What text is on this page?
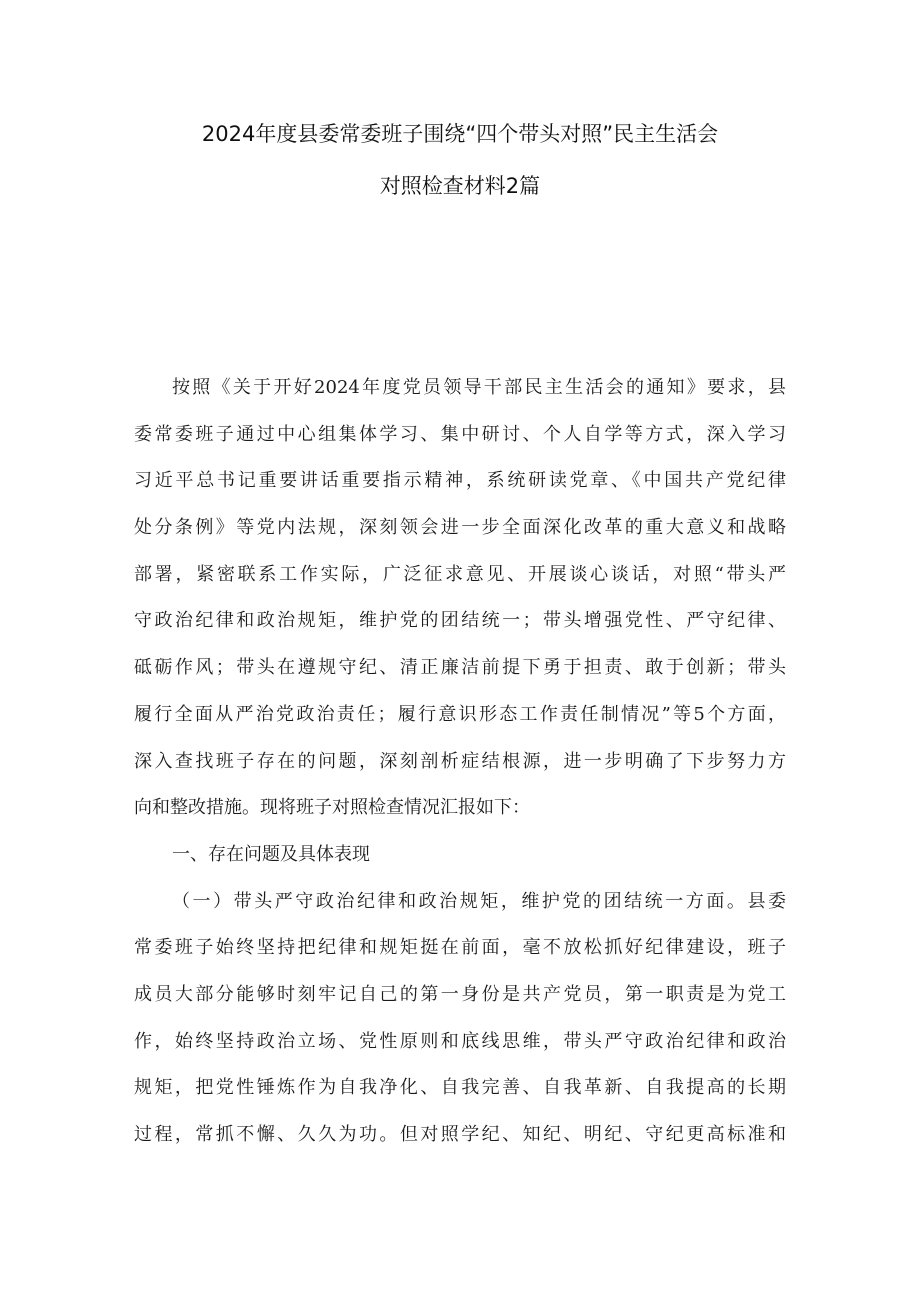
2024年度县委常委班子围绕“四个带头对照”民主生活会
对照检查材料2篇
按照《关于开好2024年度党员领导干部民主生活会的通知》要求，县
委常委班子通过中心组集体学习、集中研讨、个人自学等方式，深入学习
习近平总书记重要讲话重要指示精神，系统研读党章、《中国共产党纪律
处分条例》等党内法规，深刻领会进一步全面深化改革的重大意义和战略
部署，紧密联系工作实际，广泛征求意见、开展谈心谈话，对照“带头严
守政治纪律和政治规矩，维护党的团结统一；带头增强党性、严守纪律、
砥砺作风；带头在遵规守纪、清正廉洁前提下勇于担责、敢于创新；带头
履行全面从严治党政治责任；履行意识形态工作责任制情况”等5个方面，
深入查找班子存在的问题，深刻剖析症结根源，进一步明确了下步努力方
向和整改措施。现将班子对照检查情况汇报如下：
一、存在问题及具体表现
（一）带头严守政治纪律和政治规矩，维护党的团结统一方面。县委
常委班子始终坚持把纪律和规矩挺在前面，毫不放松抓好纪律建设，班子
成员大部分能够时刻牢记自己的第一身份是共产党员，第一职责是为党工
作，始终坚持政治立场、党性原则和底线思维，带头严守政治纪律和政治
规矩，把党性锤炼作为自我净化、自我完善、自我革新、自我提高的长期
过程，常抓不懈、久久为功。但对照学纪、知纪、明纪、守纪更高标准和
